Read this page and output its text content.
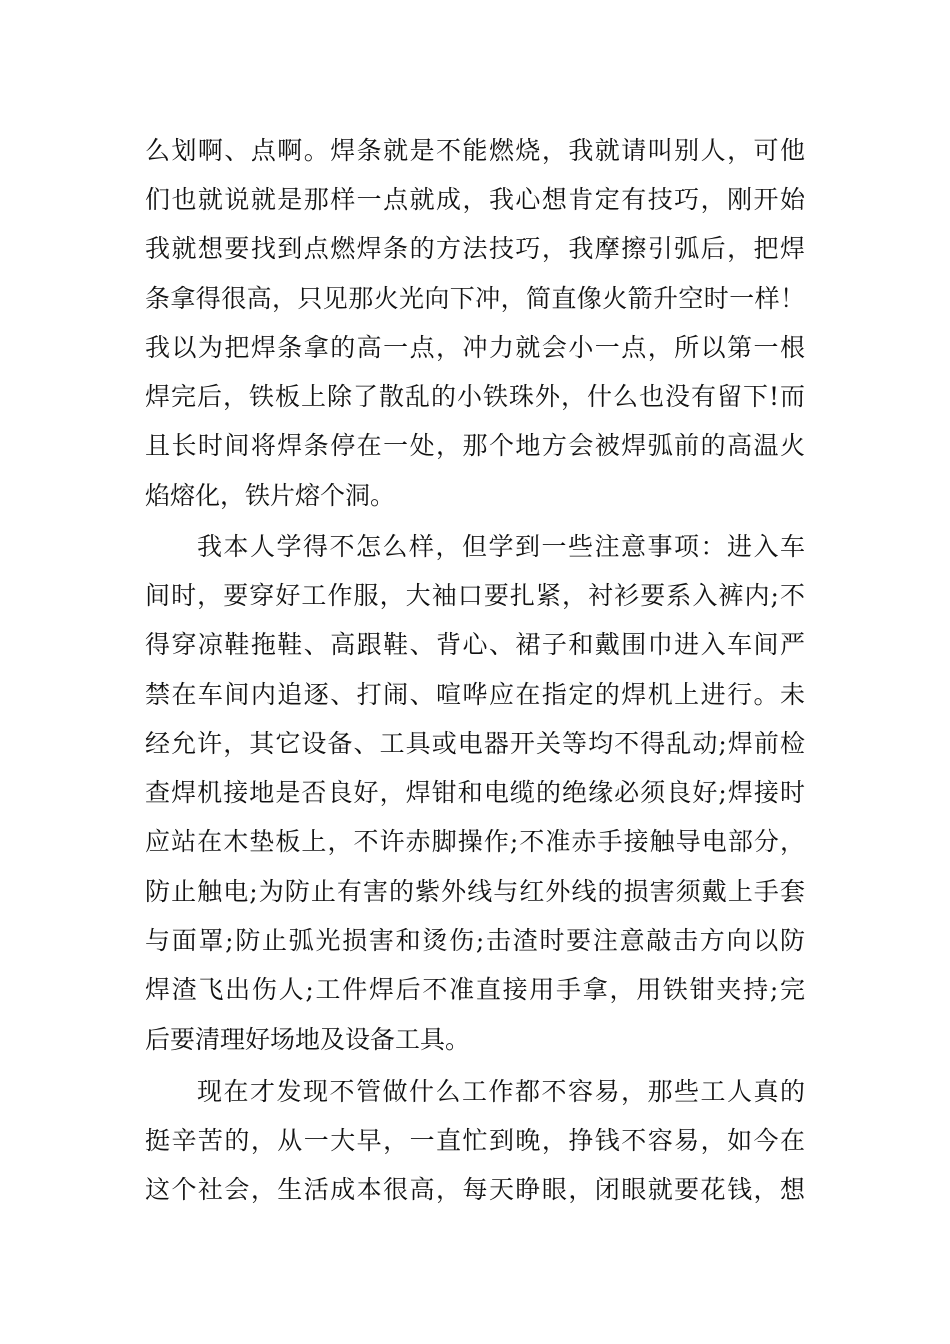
么划啊、点啊。焊条就是不能燃烧，我就请叫别人，可他
们也就说就是那样一点就成，我心想肯定有技巧，刚开始
我就想要找到点燃焊条的方法技巧，我摩擦引弧后，把焊
条拿得很高，只见那火光向下冲，简直像火箭升空时一样！
我以为把焊条拿的高一点，冲力就会小一点，所以第一根
焊完后，铁板上除了散乱的小铁珠外，什么也没有留下!而
且长时间将焊条停在一处，那个地方会被焊弧前的高温火
焰熔化，铁片熔个洞。
我本人学得不怎么样，但学到一些注意事项：进入车
间时，要穿好工作服，大袖口要扎紧，衬衫要系入裤内;不
得穿凉鞋拖鞋、高跟鞋、背心、裙子和戴围巾进入车间严
禁在车间内追逐、打闹、喧哗应在指定的焊机上进行。未
经允许，其它设备、工具或电器开关等均不得乱动;焊前检
查焊机接地是否良好，焊钳和电缆的绝缘必须良好;焊接时
应站在木垫板上，不许赤脚操作;不准赤手接触导电部分，
防止触电;为防止有害的紫外线与红外线的损害须戴上手套
与面罩;防止弧光损害和烫伤;击渣时要注意敲击方向以防
焊渣飞出伤人;工件焊后不准直接用手拿，用铁钳夹持;完
后要清理好场地及设备工具。
现在才发现不管做什么工作都不容易，那些工人真的
挺辛苦的，从一大早，一直忙到晚，挣钱不容易，如今在
这个社会，生活成本很高，每天睁眼，闭眼就要花钱，想
